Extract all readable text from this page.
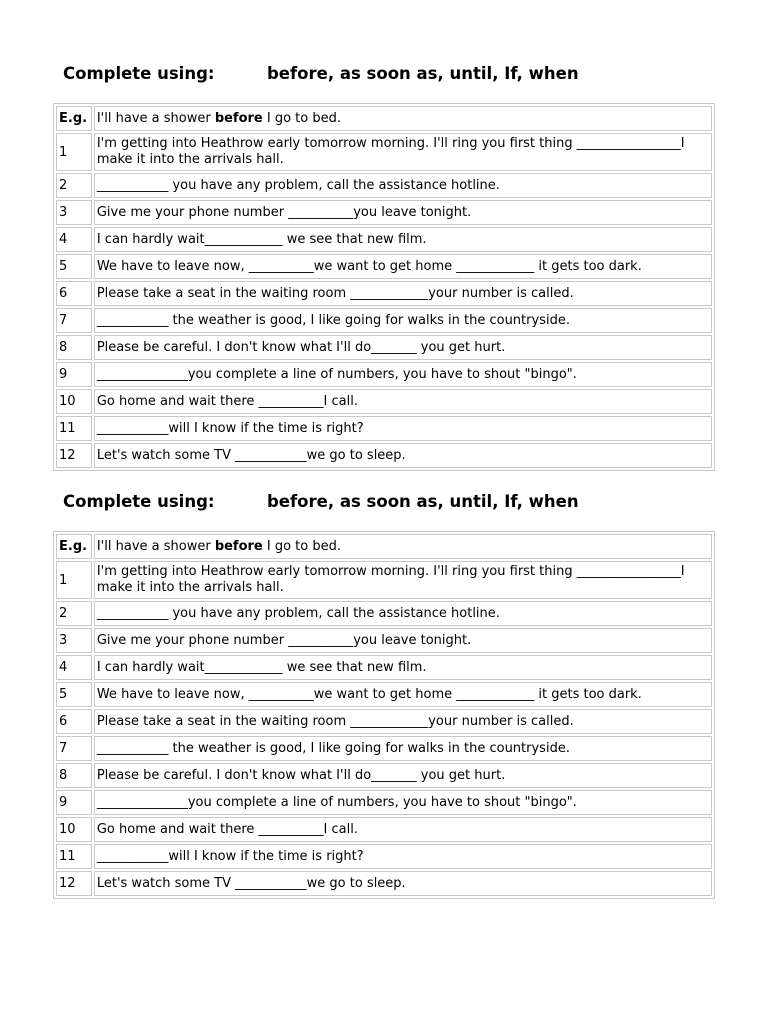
Complete using:	before, as soon as, until, If, when
E.g.	I'll have a shower before I go to bed.
1	I'm getting into Heathrow early tomorrow morning. I'll ring you first thing ________________I make it into the arrivals hall.
2	___________ you have any problem, call the assistance hotline.
3	Give me your phone number __________you leave tonight.
4	I can hardly wait____________ we see that new film.
5	We have to leave now, __________we want to get home ____________ it gets too dark.
6	Please take a seat in the waiting room ____________your number is called.
7	___________ the weather is good, I like going for walks in the countryside.
8	Please be careful. I don't know what I'll do_______ you get hurt.
9	______________you complete a line of numbers, you have to shout "bingo".
10	Go home and wait there __________I call.
11	___________will I know if the time is right?
12	Let's watch some TV ___________we go to sleep.
Complete using:	before, as soon as, until, If, when
E.g.	I'll have a shower before I go to bed.
1	I'm getting into Heathrow early tomorrow morning. I'll ring you first thing ________________I make it into the arrivals hall.
2	___________ you have any problem, call the assistance hotline.
3	Give me your phone number __________you leave tonight.
4	I can hardly wait____________ we see that new film.
5	We have to leave now, __________we want to get home ____________ it gets too dark.
6	Please take a seat in the waiting room ____________your number is called.
7	___________ the weather is good, I like going for walks in the countryside.
8	Please be careful. I don't know what I'll do_______ you get hurt.
9	______________you complete a line of numbers, you have to shout "bingo".
10	Go home and wait there __________I call.
11	___________will I know if the time is right?
12	Let's watch some TV ___________we go to sleep.
